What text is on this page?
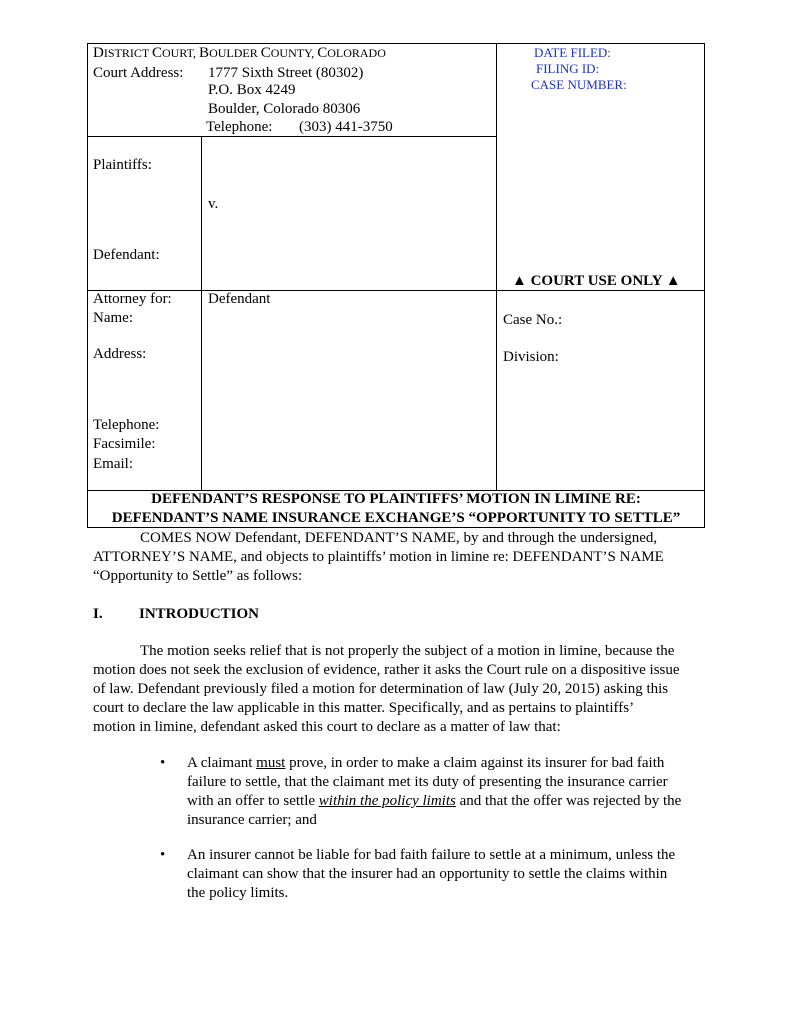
DISTRICT COURT, BOULDER COUNTY, COLORADO
Court Address: 1777 Sixth Street (80302)
P.O. Box 4249
Boulder, Colorado 80306
Telephone: (303) 441-3750
DATE FILED:
FILING ID:
CASE NUMBER:
Plaintiffs:
v.
Defendant:
▲ COURT USE ONLY ▲
Attorney for: Defendant
Name:
Address:
Telephone:
Facsimile:
Email:
Case No.:
Division:
DEFENDANT’S RESPONSE TO PLAINTIFFS’ MOTION IN LIMINE RE:
DEFENDANT’S NAME INSURANCE EXCHANGE’S “OPPORTUNITY TO SETTLE”
COMES NOW Defendant, DEFENDANT’S NAME, by and through the undersigned,
ATTORNEY’S NAME, and objects to plaintiffs’ motion in limine re: DEFENDANT’S NAME
“Opportunity to Settle” as follows:
I. INTRODUCTION
The motion seeks relief that is not properly the subject of a motion in limine, because the
motion does not seek the exclusion of evidence, rather it asks the Court rule on a dispositive issue
of law. Defendant previously filed a motion for determination of law (July 20, 2015) asking this
court to declare the law applicable in this matter. Specifically, and as pertains to plaintiffs’
motion in limine, defendant asked this court to declare as a matter of law that:
• A claimant must prove, in order to make a claim against its insurer for bad faith
failure to settle, that the claimant met its duty of presenting the insurance carrier
with an offer to settle within the policy limits and that the offer was rejected by the
insurance carrier; and
• An insurer cannot be liable for bad faith failure to settle at a minimum, unless the
claimant can show that the insurer had an opportunity to settle the claims within
the policy limits.
